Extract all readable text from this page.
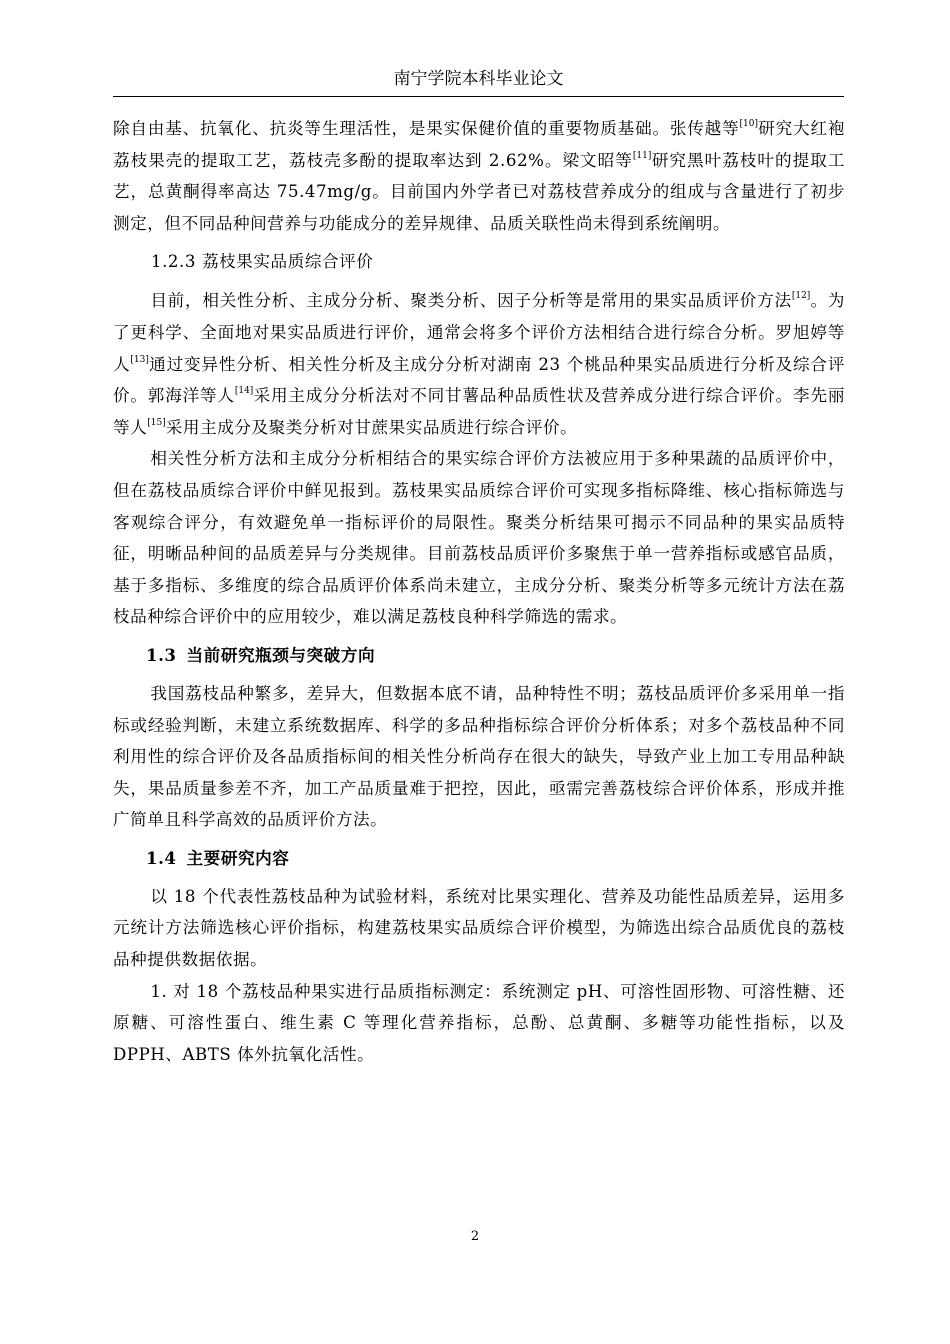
南宁学院本科毕业论文

除自由基、抗氧化、抗炎等生理活性，是果实保健价值的重要物质基础。张传越等[10]研究大红袍荔枝果壳的提取工艺，荔枝壳多酚的提取率达到 2.62%。梁文昭等[11]研究黑叶荔枝叶的提取工艺，总黄酮得率高达 75.47mg/g。目前国内外学者已对荔枝营养成分的组成与含量进行了初步测定，但不同品种间营养与功能成分的差异规律、品质关联性尚未得到系统阐明。

1.2.3 荔枝果实品质综合评价

目前，相关性分析、主成分分析、聚类分析、因子分析等是常用的果实品质评价方法[12]。为了更科学、全面地对果实品质进行评价，通常会将多个评价方法相结合进行综合分析。罗旭婷等人[13]通过变异性分析、相关性分析及主成分分析对湖南 23 个桃品种果实品质进行分析及综合评价。郭海洋等人[14]采用主成分分析法对不同甘薯品种品质性状及营养成分进行综合评价。李先丽等人[15]采用主成分及聚类分析对甘蔗果实品质进行综合评价。

相关性分析方法和主成分分析相结合的果实综合评价方法被应用于多种果蔬的品质评价中，但在荔枝品质综合评价中鲜见报到。荔枝果实品质综合评价可实现多指标降维、核心指标筛选与客观综合评分，有效避免单一指标评价的局限性。聚类分析结果可揭示不同品种的果实品质特征，明晰品种间的品质差异与分类规律。目前荔枝品质评价多聚焦于单一营养指标或感官品质，基于多指标、多维度的综合品质评价体系尚未建立，主成分分析、聚类分析等多元统计方法在荔枝品种综合评价中的应用较少，难以满足荔枝良种科学筛选的需求。

1.3 当前研究瓶颈与突破方向

我国荔枝品种繁多，差异大，但数据本底不请，品种特性不明；荔枝品质评价多采用单一指标或经验判断，未建立系统数据库、科学的多品种指标综合评价分析体系；对多个荔枝品种不同利用性的综合评价及各品质指标间的相关性分析尚存在很大的缺失，导致产业上加工专用品种缺失，果品质量参差不齐，加工产品质量难于把控，因此，亟需完善荔枝综合评价体系，形成并推广简单且科学高效的品质评价方法。

1.4 主要研究内容

以 18 个代表性荔枝品种为试验材料，系统对比果实理化、营养及功能性品质差异，运用多元统计方法筛选核心评价指标，构建荔枝果实品质综合评价模型，为筛选出综合品质优良的荔枝品种提供数据依据。

1. 对 18 个荔枝品种果实进行品质指标测定：系统测定 pH、可溶性固形物、可溶性糖、还原糖、可溶性蛋白、维生素 C 等理化营养指标，总酚、总黄酮、多糖等功能性指标，以及 DPPH、ABTS 体外抗氧化活性。

2
